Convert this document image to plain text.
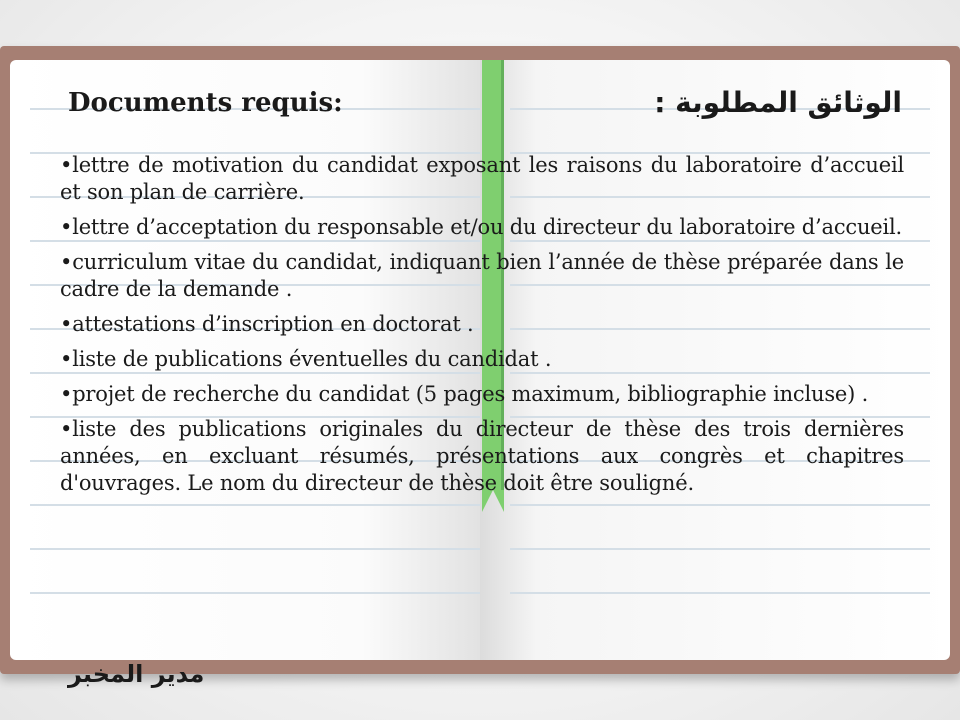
Documents requis:	الوثائق المطلوبة :
• lettre de motivation du candidat exposant les raisons du laboratoire d’accueil et son plan de carrière.
• lettre d’acceptation du responsable et/ou du directeur du laboratoire d’accueil.
• curriculum vitae du candidat, indiquant bien l’année de thèse préparée dans le cadre de la demande .
• attestations d’inscription en doctorat .
• liste de publications éventuelles du candidat .
• projet de recherche du candidat (5 pages maximum, bibliographie incluse) .
• liste des publications originales du directeur de thèse des trois dernières années, en excluant résumés, présentations aux congrès et chapitres d'ouvrages. Le nom du directeur de thèse doit être souligné.
مدير المخبر
